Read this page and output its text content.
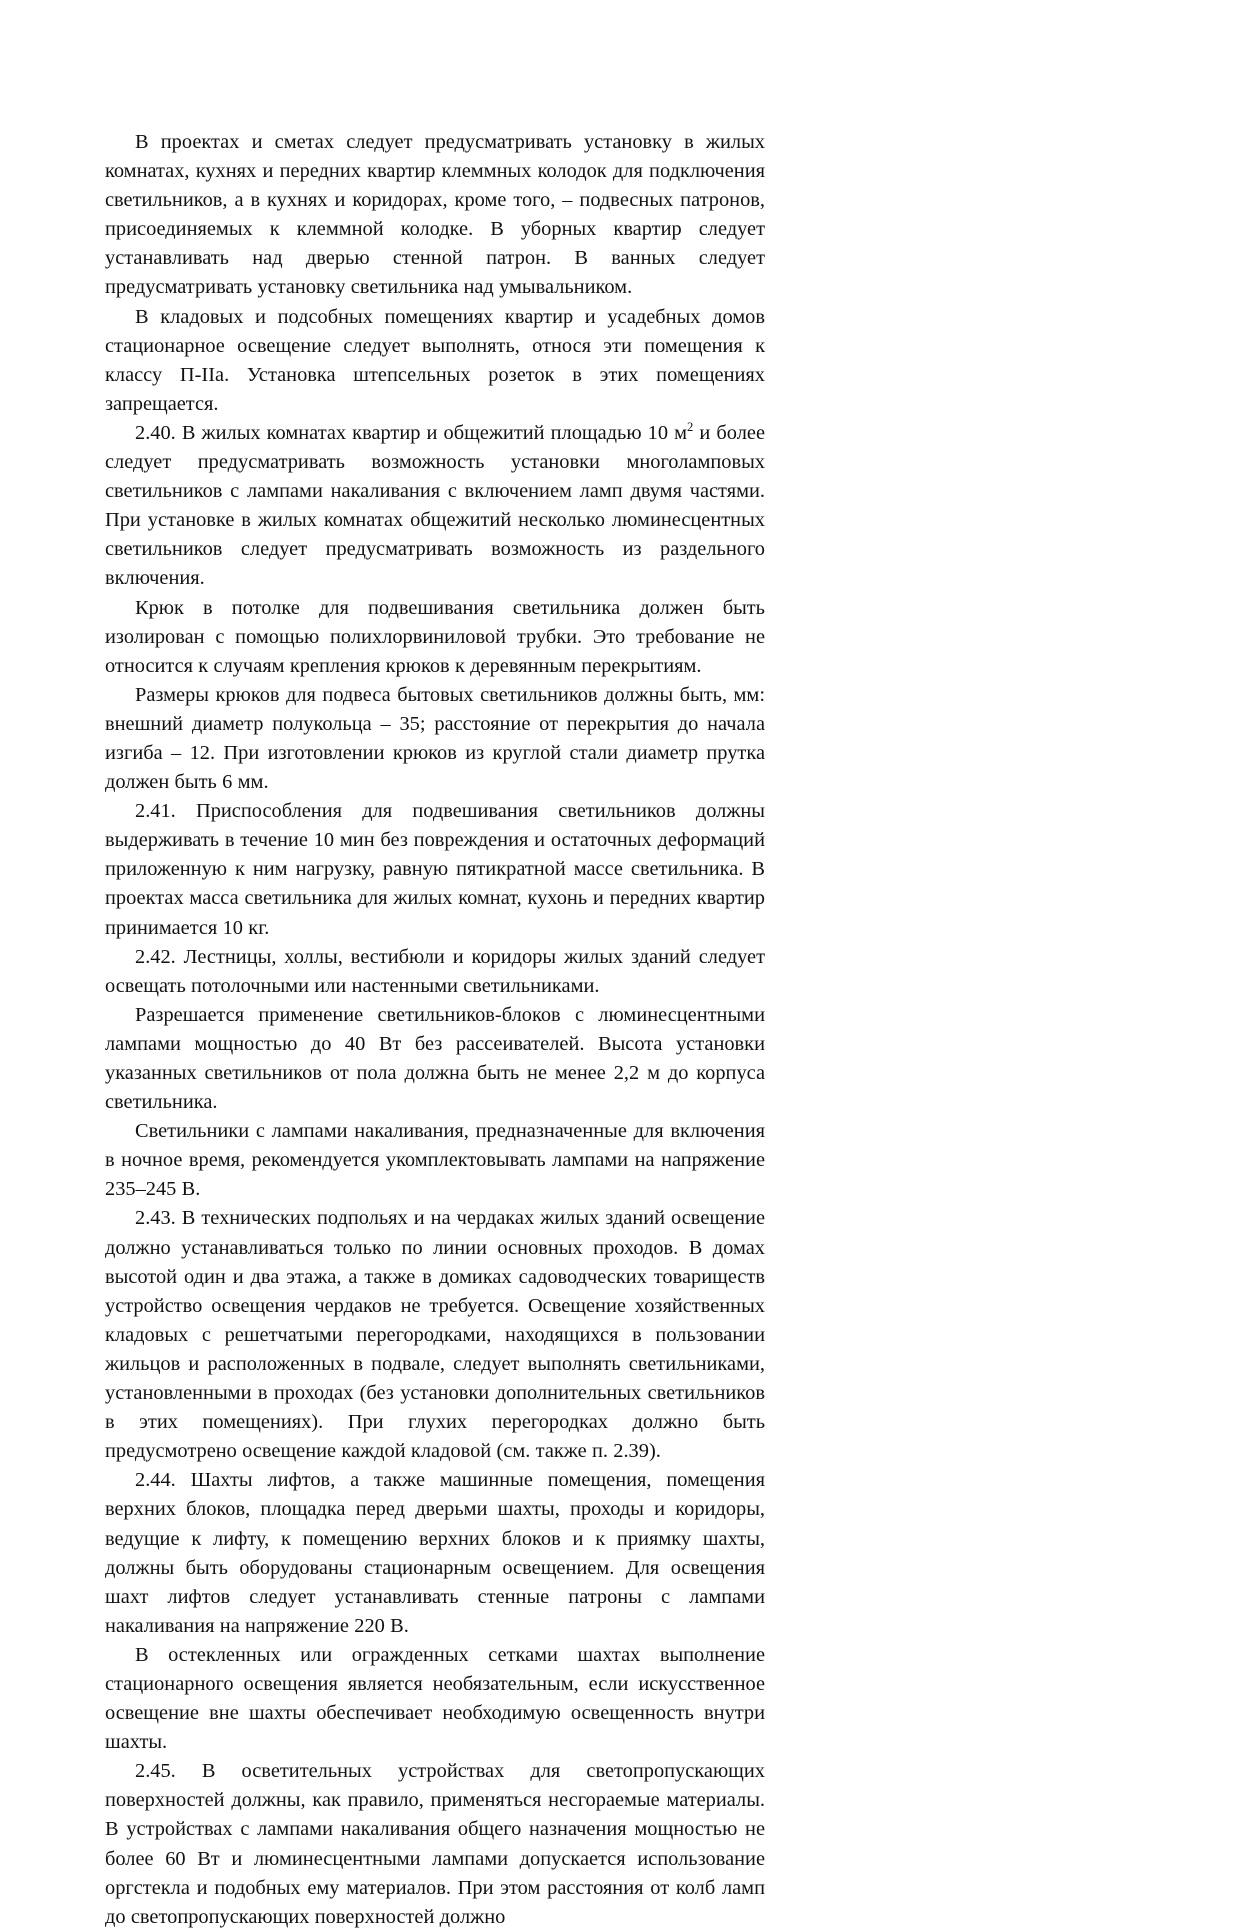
В проектах и сметах следует предусматривать установку в жилых комнатах, кухнях и передних квартир клеммных колодок для подключения светильников, а в кухнях и коридорах, кроме того, – подвесных патронов, присоединяемых к клеммной колодке. В уборных квартир следует устанавливать над дверью стенной патрон. В ванных следует предусматривать установку светильника над умывальником.

В кладовых и подсобных помещениях квартир и усадебных домов стационарное освещение следует выполнять, относя эти помещения к классу П-IIа. Установка штепсельных розеток в этих помещениях запрещается.

2.40. В жилых комнатах квартир и общежитий площадью 10 $м^2$ и более следует предусматривать возможность установки многоламповых светильников с лампами накаливания с включением ламп двумя частями. При установке в жилых комнатах общежитий несколько люминесцентных светильников следует предусматривать возможность из раздельного включения.

Крюк в потолке для подвешивания светильника должен быть изолирован с помощью полихлорвиниловой трубки. Это требование не относится к случаям крепления крюков к деревянным перекрытиям.

Размеры крюков для подвеса бытовых светильников должны быть, мм: внешний диаметр полукольца – 35; расстояние от перекрытия до начала изгиба – 12. При изготовлении крюков из круглой стали диаметр прутка должен быть 6 мм.

2.41. Приспособления для подвешивания светильников должны выдерживать в течение 10 мин без повреждения и остаточных деформаций приложенную к ним нагрузку, равную пятикратной массе светильника. В проектах масса светильника для жилых комнат, кухонь и передних квартир принимается 10 кг.

2.42. Лестницы, холлы, вестибюли и коридоры жилых зданий следует освещать потолочными или настенными светильниками.

Разрешается применение светильников-блоков с люминесцентными лампами мощностью до 40 Вт без рассеивателей. Высота установки указанных светильников от пола должна быть не менее 2,2 м до корпуса светильника.

Светильники с лампами накаливания, предназначенные для включения в ночное время, рекомендуется укомплектовывать лампами на напряжение 235–245 В.

2.43. В технических подпольях и на чердаках жилых зданий освещение должно устанавливаться только по линии основных проходов. В домах высотой один и два этажа, а также в домиках садоводческих товариществ устройство освещения чердаков не требуется. Освещение хозяйственных кладовых с решетчатыми перегородками, находящихся в пользовании жильцов и расположенных в подвале, следует выполнять светильниками, установленными в проходах (без установки дополнительных светильников в этих помещениях). При глухих перегородках должно быть предусмотрено освещение каждой кладовой (см. также п. 2.39).

2.44. Шахты лифтов, а также машинные помещения, помещения верхних блоков, площадка перед дверьми шахты, проходы и коридоры, ведущие к лифту, к помещению верхних блоков и к приямку шахты, должны быть оборудованы стационарным освещением. Для освещения шахт лифтов следует устанавливать стенные патроны с лампами накаливания на напряжение 220 В.

В остекленных или огражденных сетками шахтах выполнение стационарного освещения является необязательным, если искусственное освещение вне шахты обеспечивает необходимую освещенность внутри шахты.

2.45. В осветительных устройствах для светопропускающих поверхностей должны, как правило, применяться несгораемые материалы. В устройствах с лампами накаливания общего назначения мощностью не более 60 Вт и люминесцентными лампами допускается использование оргстекла и подобных ему материалов. При этом расстояния от колб ламп до светопропускающих поверхностей должно
